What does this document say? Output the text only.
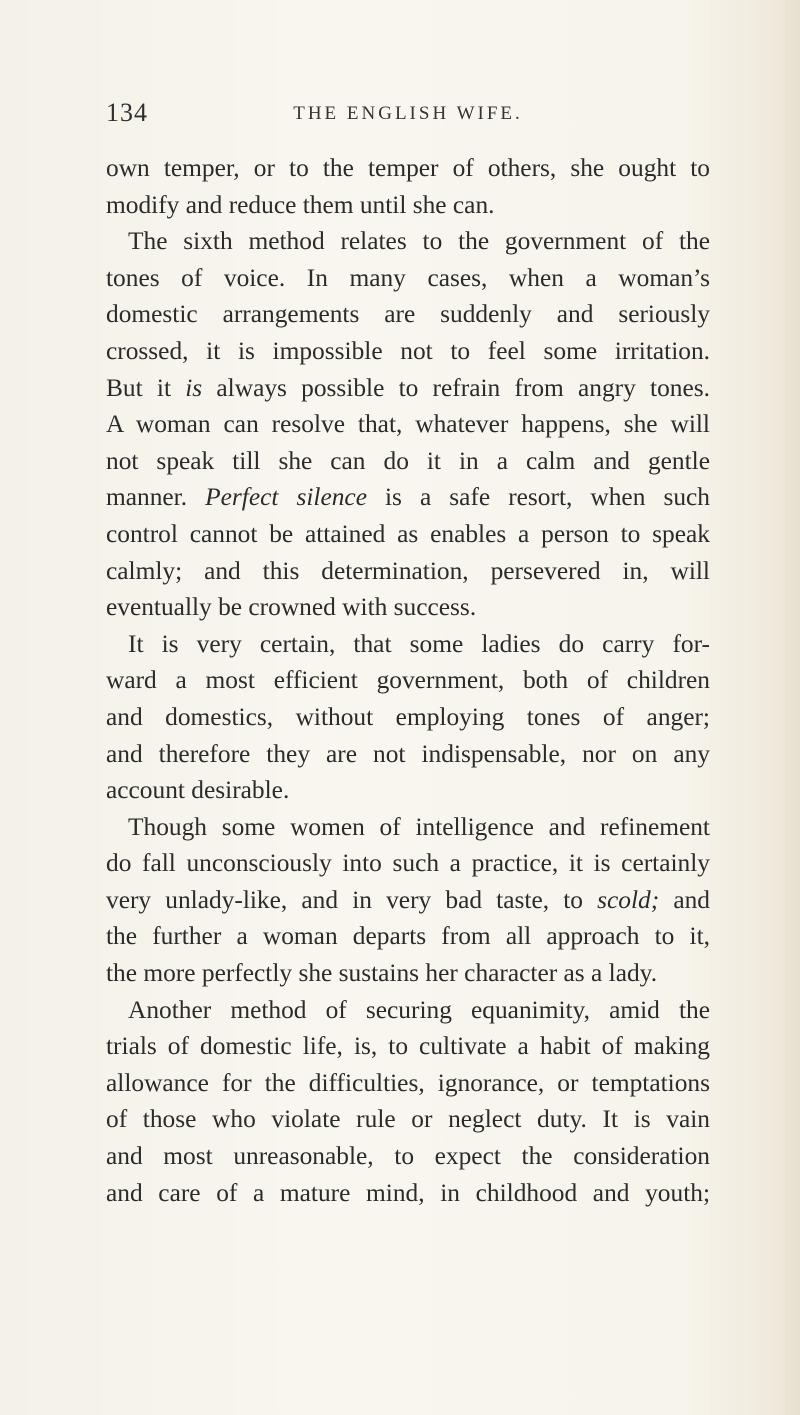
134	THE ENGLISH WIFE.
own temper, or to the temper of others, she ought to
modify and reduce them until she can.
The sixth method relates to the government of the
tones of voice. In many cases, when a woman’s
domestic arrangements are suddenly and seriously
crossed, it is impossible not to feel some irritation.
But it is always possible to refrain from angry tones.
A woman can resolve that, whatever happens, she will
not speak till she can do it in a calm and gentle
manner. Perfect silence is a safe resort, when such
control cannot be attained as enables a person to speak
calmly; and this determination, persevered in, will
eventually be crowned with success.
It is very certain, that some ladies do carry for-
ward a most efficient government, both of children
and domestics, without employing tones of anger;
and therefore they are not indispensable, nor on any
account desirable.
Though some women of intelligence and refinement
do fall unconsciously into such a practice, it is certainly
very unlady-like, and in very bad taste, to scold; and
the further a woman departs from all approach to it,
the more perfectly she sustains her character as a lady.
Another method of securing equanimity, amid the
trials of domestic life, is, to cultivate a habit of making
allowance for the difficulties, ignorance, or temptations
of those who violate rule or neglect duty. It is vain
and most unreasonable, to expect the consideration
and care of a mature mind, in childhood and youth;
